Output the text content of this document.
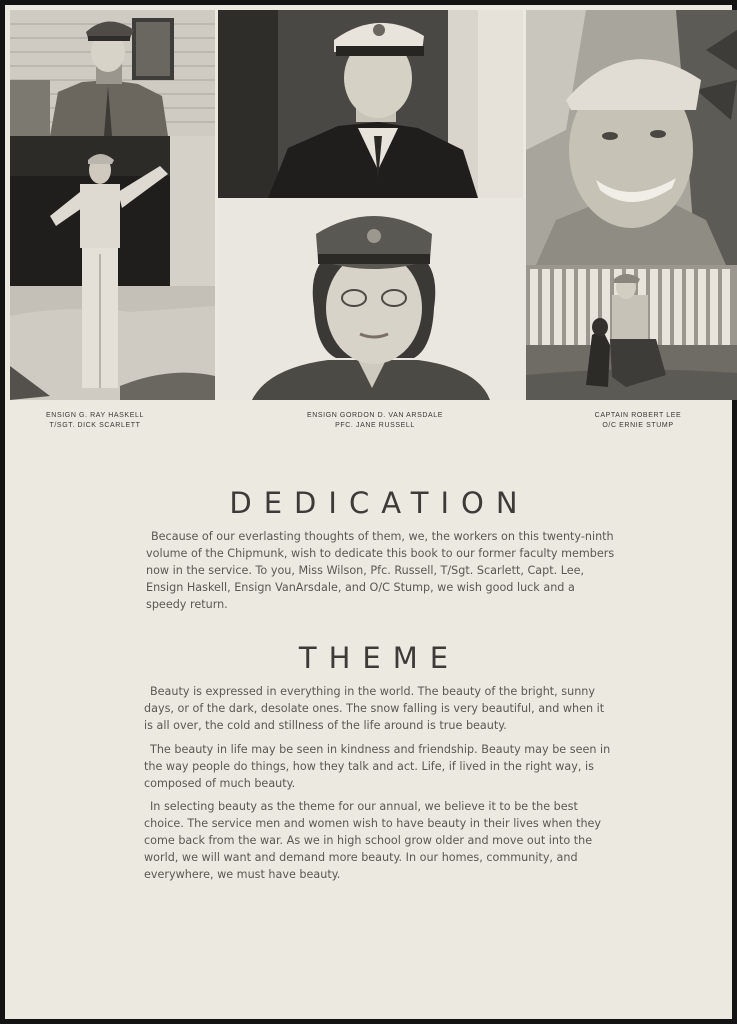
ENSIGN G. RAY HASKELL
T/SGT. DICK SCARLETT
ENSIGN GORDON D. VAN ARSDALE
PFC. JANE RUSSELL
CAPTAIN ROBERT LEE
O/C ERNIE STUMP
DEDICATION

Because of our everlasting thoughts of them, we, the workers on this twenty-ninth volume of the Chipmunk, wish to dedicate this book to our former faculty members now in the service. To you, Miss Wilson, Pfc. Russell, T/Sgt. Scarlett, Capt. Lee, Ensign Haskell, Ensign VanArsdale, and O/C Stump, we wish good luck and a speedy return.

THEME

Beauty is expressed in everything in the world. The beauty of the bright, sunny days, or of the dark, desolate ones. The snow falling is very beautiful, and when it is all over, the cold and stillness of the life around is true beauty.

The beauty in life may be seen in kindness and friendship. Beauty may be seen in the way people do things, how they talk and act. Life, if lived in the right way, is composed of much beauty.

In selecting beauty as the theme for our annual, we believe it to be the best choice. The service men and women wish to have beauty in their lives when they come back from the war. As we in high school grow older and move out into the world, we will want and demand more beauty. In our homes, community, and everywhere, we must have beauty.
